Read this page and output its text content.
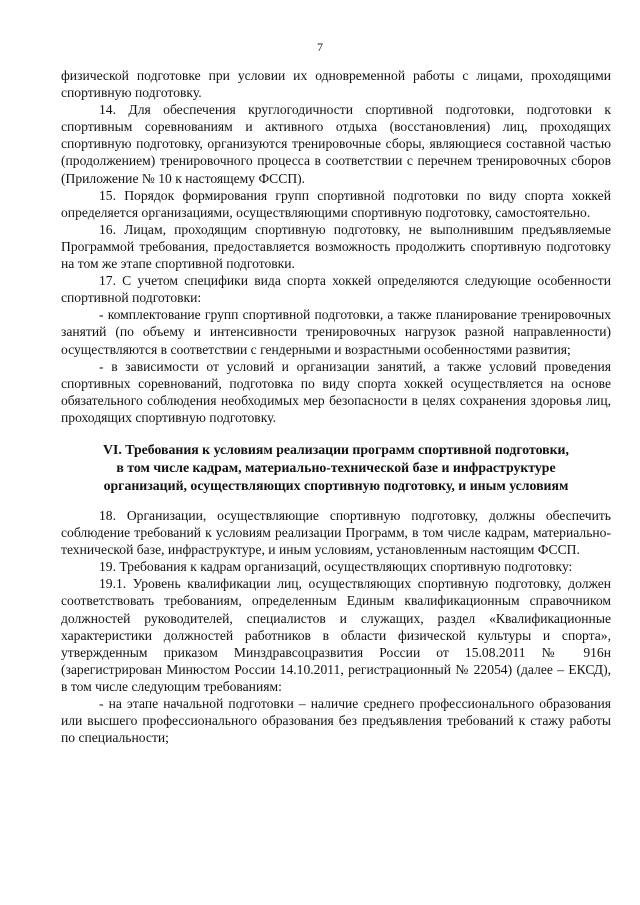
7

физической подготовке при условии их одновременной работы с лицами, проходящими спортивную подготовку.

14. Для обеспечения круглогодичности спортивной подготовки, подготовки к спортивным соревнованиям и активного отдыха (восстановления) лиц, проходящих спортивную подготовку, организуются тренировочные сборы, являющиеся составной частью (продолжением) тренировочного процесса в соответствии с перечнем тренировочных сборов (Приложение № 10 к настоящему ФССП).

15. Порядок формирования групп спортивной подготовки по виду спорта хоккей определяется организациями, осуществляющими спортивную подготовку, самостоятельно.

16. Лицам, проходящим спортивную подготовку, не выполнившим предъявляемые Программой требования, предоставляется возможность продолжить спортивную подготовку на том же этапе спортивной подготовки.

17. С учетом специфики вида спорта хоккей определяются следующие особенности спортивной подготовки:

- комплектование групп спортивной подготовки, а также планирование тренировочных занятий (по объему и интенсивности тренировочных нагрузок разной направленности) осуществляются в соответствии с гендерными и возрастными особенностями развития;

- в зависимости от условий и организации занятий, а также условий проведения спортивных соревнований, подготовка по виду спорта хоккей осуществляется на основе обязательного соблюдения необходимых мер безопасности в целях сохранения здоровья лиц, проходящих спортивную подготовку.

VI. Требования к условиям реализации программ спортивной подготовки,
в том числе кадрам, материально-технической базе и инфраструктуре
организаций, осуществляющих спортивную подготовку, и иным условиям

18. Организации, осуществляющие спортивную подготовку, должны обеспечить соблюдение требований к условиям реализации Программ, в том числе кадрам, материально-технической базе, инфраструктуре, и иным условиям, установленным настоящим ФССП.

19. Требования к кадрам организаций, осуществляющих спортивную подготовку:

19.1. Уровень квалификации лиц, осуществляющих спортивную подготовку, должен соответствовать требованиям, определенным Единым квалификационным справочником должностей руководителей, специалистов и служащих, раздел «Квалификационные характеристики должностей работников в области физической культуры и спорта», утвержденным приказом Минздравсоцразвития России от 15.08.2011 № 916н (зарегистрирован Минюстом России 14.10.2011, регистрационный № 22054) (далее – ЕКСД), в том числе следующим требованиям:

- на этапе начальной подготовки – наличие среднего профессионального образования или высшего профессионального образования без предъявления требований к стажу работы по специальности;
